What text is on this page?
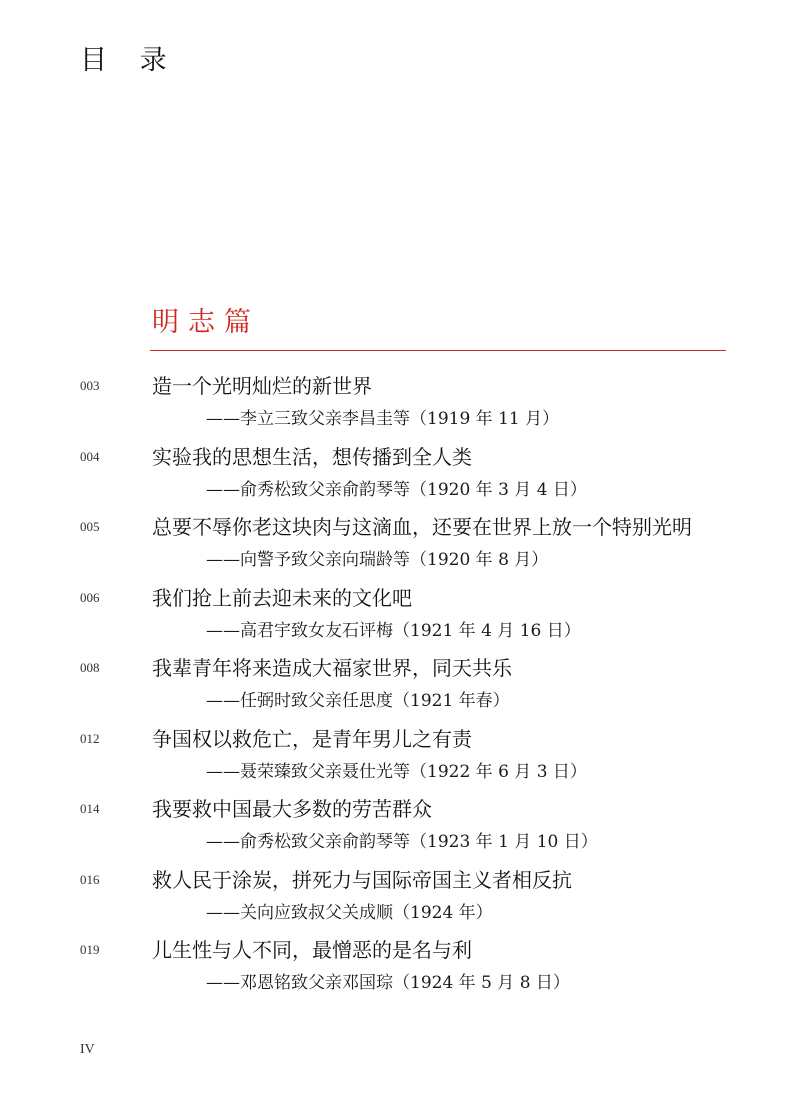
目 录
明志篇
003	造一个光明灿烂的新世界
——李立三致父亲李昌圭等（1919 年 11 月）
004	实验我的思想生活，想传播到全人类
——俞秀松致父亲俞韵琴等（1920 年 3 月 4 日）
005	总要不辱你老这块肉与这滴血，还要在世界上放一个特别光明
——向警予致父亲向瑞龄等（1920 年 8 月）
006	我们抢上前去迎未来的文化吧
——高君宇致女友石评梅（1921 年 4 月 16 日）
008	我辈青年将来造成大福家世界，同天共乐
——任弼时致父亲任思度（1921 年春）
012	争国权以救危亡，是青年男儿之有责
——聂荣臻致父亲聂仕光等（1922 年 6 月 3 日）
014	我要救中国最大多数的劳苦群众
——俞秀松致父亲俞韵琴等（1923 年 1 月 10 日）
016	救人民于涂炭，拼死力与国际帝国主义者相反抗
——关向应致叔父关成顺（1924 年）
019	儿生性与人不同，最憎恶的是名与利
——邓恩铭致父亲邓国琮（1924 年 5 月 8 日）
IV
